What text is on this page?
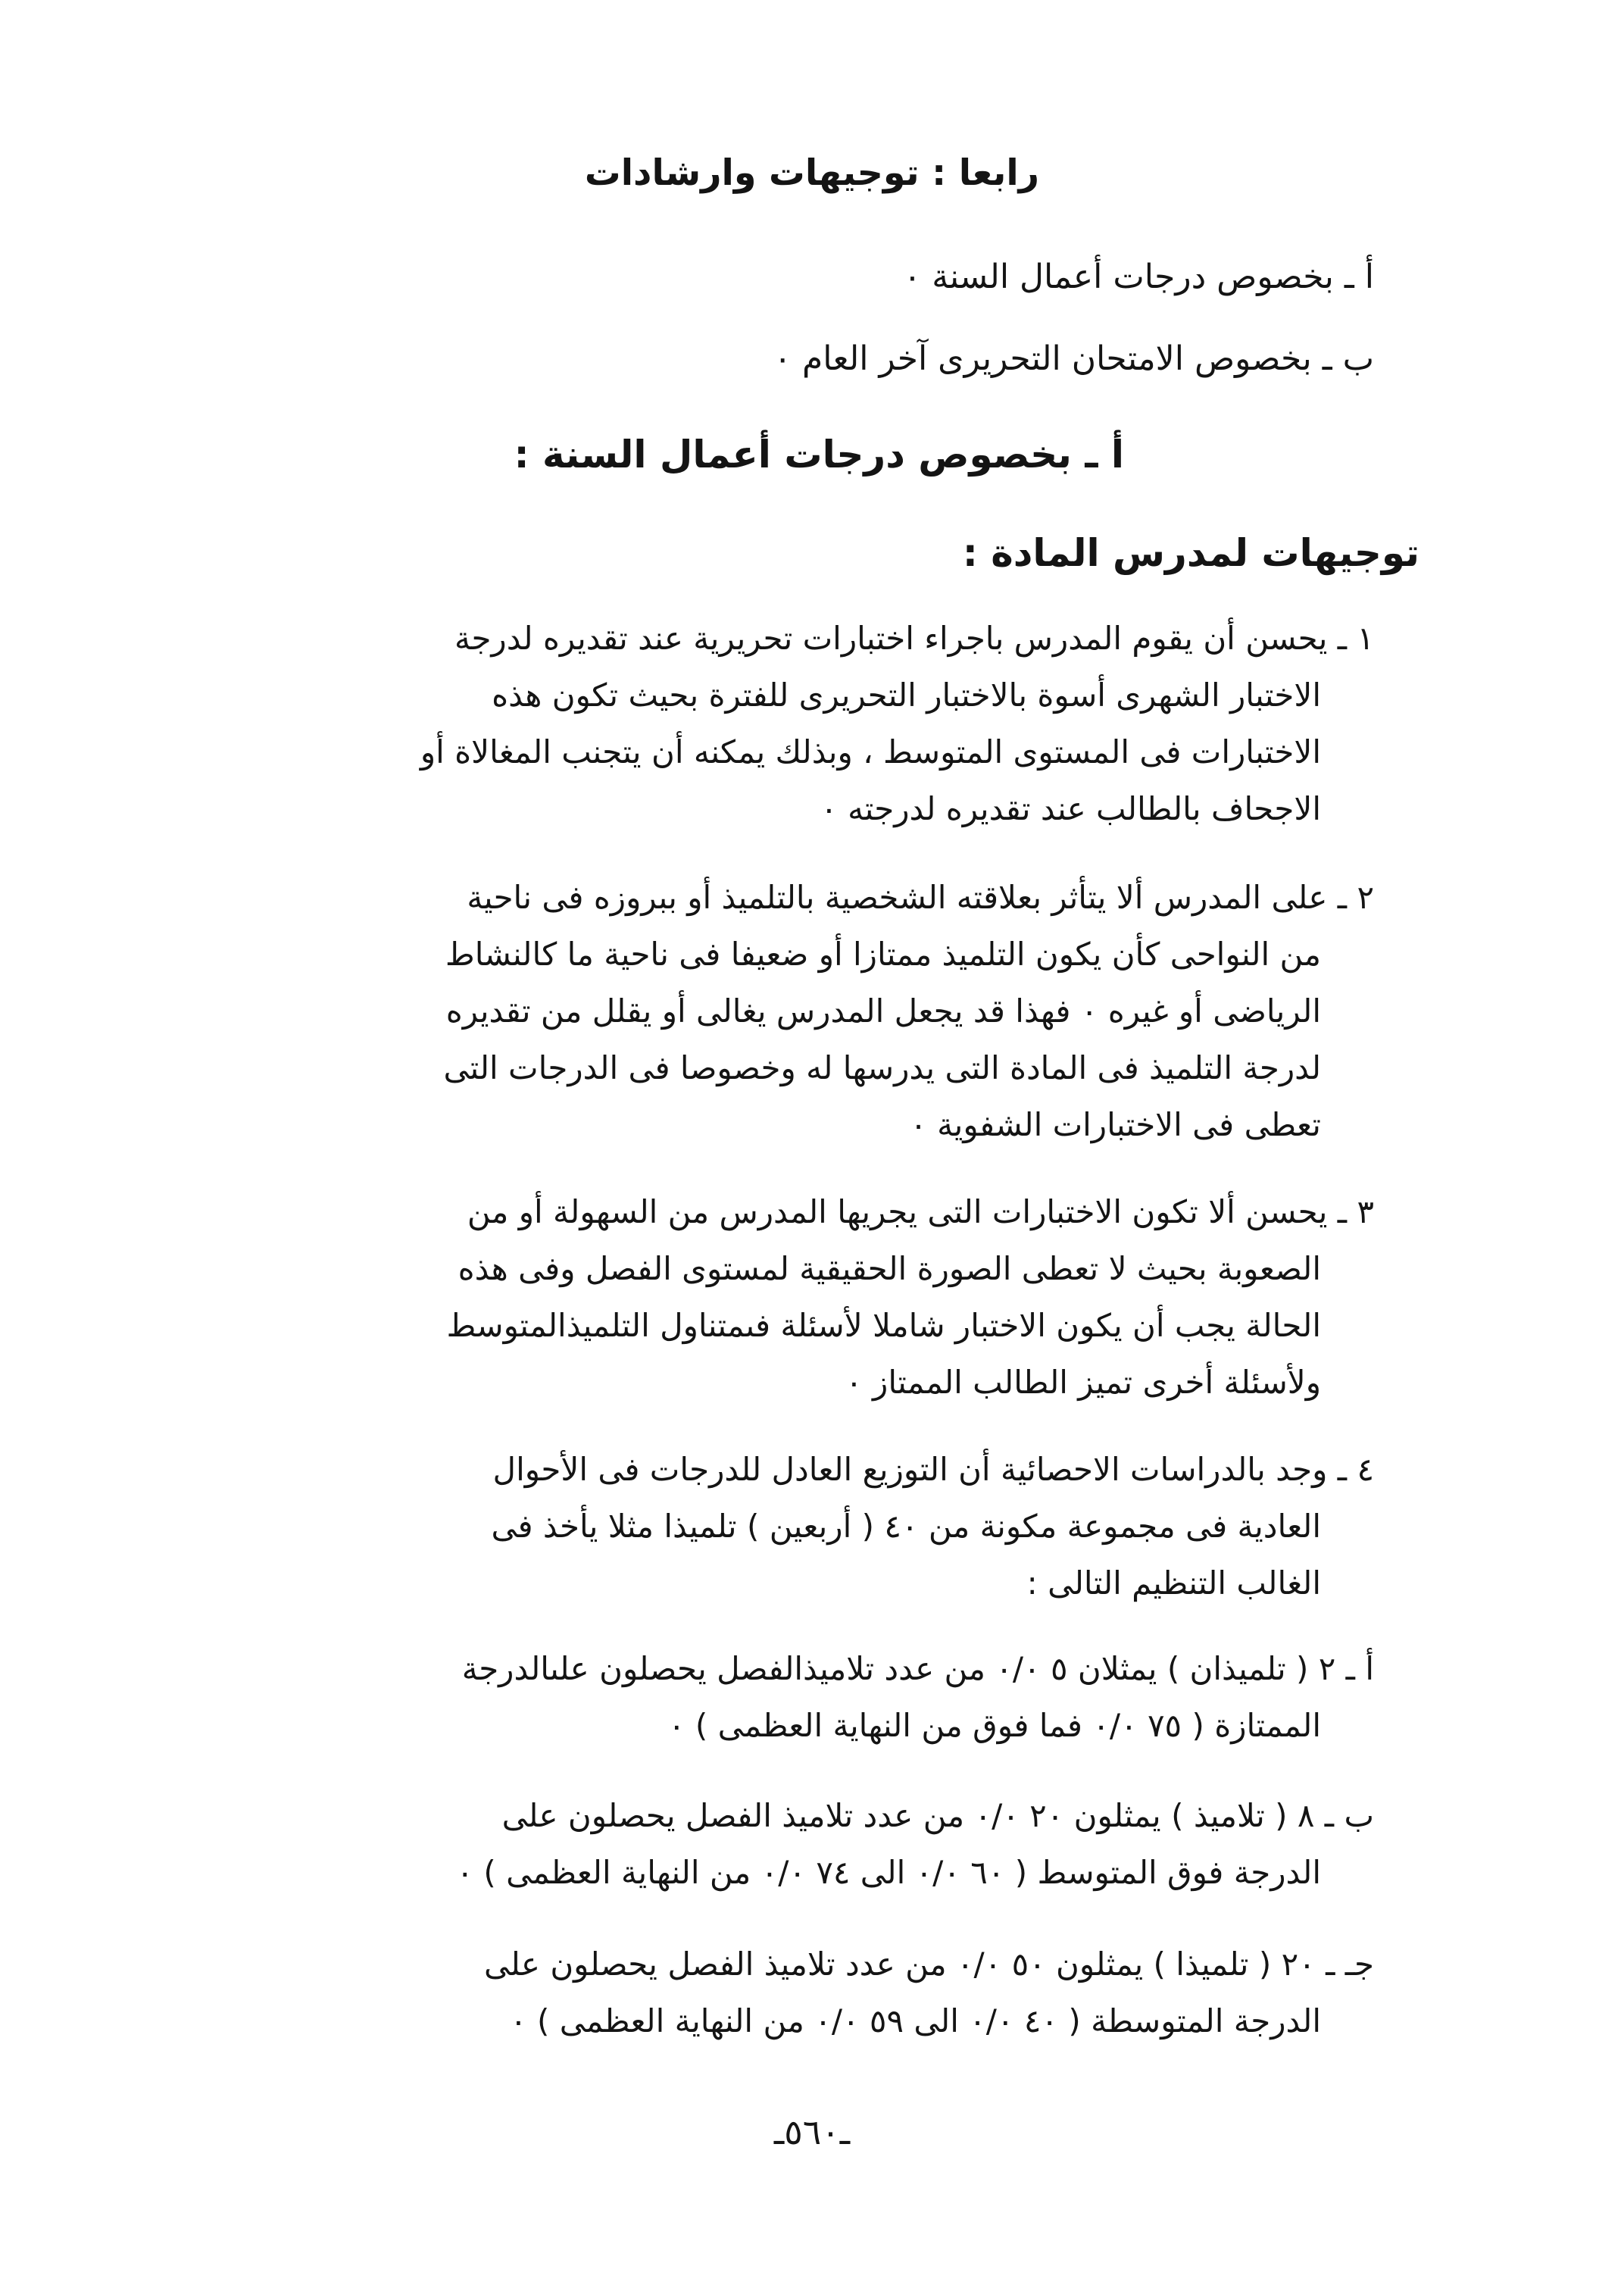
رابعا : توجيهات وارشادات
أ ـ بخصوص درجات أعمال السنة ٠
ب ـ بخصوص الامتحان التحريرى آخر العام ٠
أ ـ بخصوص درجات أعمال السنة :
توجيهات لمدرس المادة :
١ ـ يحسن أن يقوم المدرس باجراء اختبارات تحريرية عند تقديره لدرجة
الاختبار الشهرى أسوة بالاختبار التحريرى للفترة بحيث تكون هذه
الاختبارات فى المستوى المتوسط ، وبذلك يمكنه أن يتجنب المغالاة أو
الاجحاف بالطالب عند تقديره لدرجته ٠
٢ ـ على المدرس ألا يتأثر بعلاقته الشخصية بالتلميذ أو ببروزه فى ناحية
من النواحى كأن يكون التلميذ ممتازا أو ضعيفا فى ناحية ما كالنشاط
الرياضى أو غيره ٠ فهذا قد يجعل المدرس يغالى أو يقلل من تقديره
لدرجة التلميذ فى المادة التى يدرسها له وخصوصا فى الدرجات التى
تعطى فى الاختبارات الشفوية ٠
٣ ـ يحسن ألا تكون الاختبارات التى يجريها المدرس من السهولة أو من
الصعوبة بحيث لا تعطى الصورة الحقيقية لمستوى الفصل وفى هذه
الحالة يجب أن يكون الاختبار شاملا لأسئلة فىمتناول التلميذالمتوسط
ولأسئلة أخرى تميز الطالب الممتاز ٠
٤ ـ وجد بالدراسات الاحصائية أن التوزيع العادل للدرجات فى الأحوال
العادية فى مجموعة مكونة من ٤٠ ( أربعين ) تلميذا مثلا يأخذ فى
الغالب التنظيم التالى :
أ ـ ٢ ( تلميذان ) يمثلان ٥ ٠/٠ من عدد تلاميذالفصل يحصلون علىالدرجة
الممتازة ( ٧٥ ٠/٠ فما فوق من النهاية العظمى ) ٠
ب ـ ٨ ( تلاميذ ) يمثلون ٢٠ ٠/٠ من عدد تلاميذ الفصل يحصلون على
الدرجة فوق المتوسط ( ٦٠ ٠/٠ الى ٧٤ ٠/٠ من النهاية العظمى ) ٠
جـ ـ ٢٠ ( تلميذا ) يمثلون ٥٠ ٠/٠ من عدد تلاميذ الفصل يحصلون على
الدرجة المتوسطة ( ٤٠ ٠/٠ الى ٥٩ ٠/٠ من النهاية العظمى ) ٠
ـ٥٦٠ـ
